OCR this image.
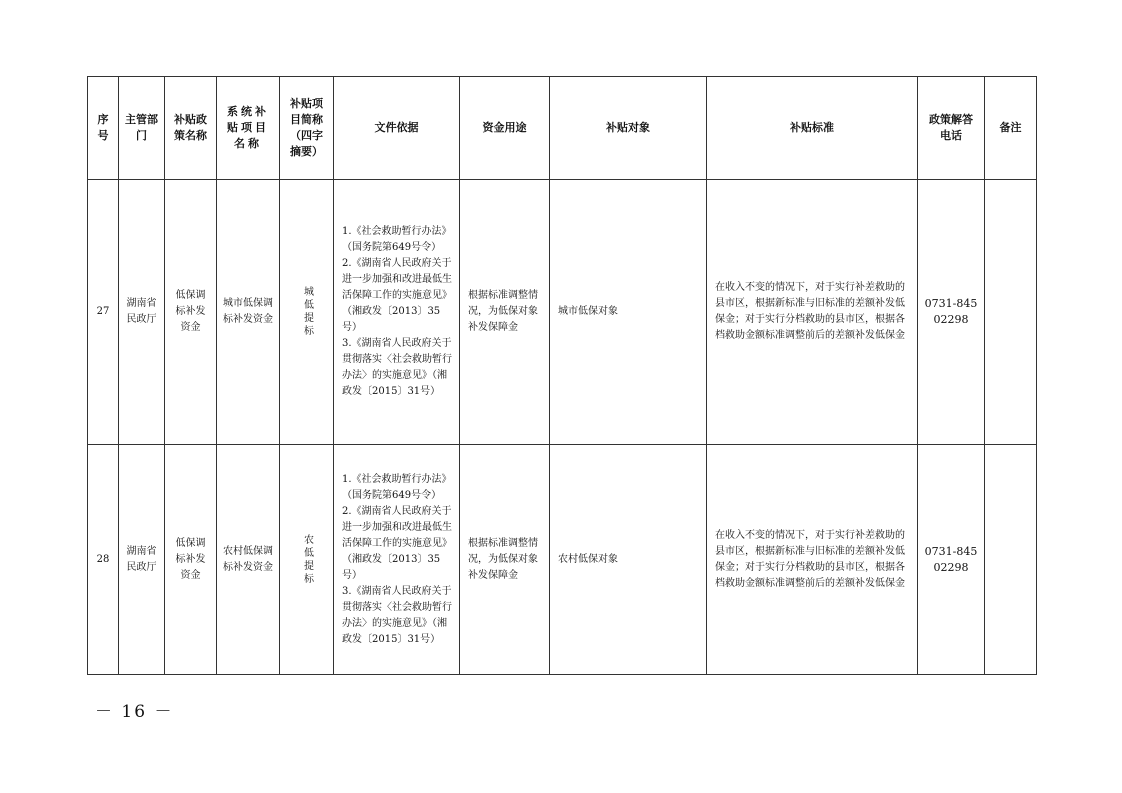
序号	主管部门	补贴政策名称	系统补贴项目名称	补贴项目简称（四字摘要）	文件依据	资金用途	补贴对象	补贴标准	政策解答电话	备注
27	湖南省民政厅	低保调标补发资金	城市低保调标补发资金	城低提标	1.《社会救助暂行办法》（国务院第649号令）
2.《湖南省人民政府关于进一步加强和改进最低生活保障工作的实施意见》（湘政发〔2013〕35号）
3.《湖南省人民政府关于贯彻落实〈社会救助暂行办法〉的实施意见》（湘政发〔2015〕31号）	根据标准调整情况，为低保对象补发保障金	城市低保对象	在收入不变的情况下，对于实行补差救助的县市区，根据新标准与旧标准的差额补发低保金；对于实行分档救助的县市区，根据各档救助金额标准调整前后的差额补发低保金	0731-84502298	
28	湖南省民政厅	低保调标补发资金	农村低保调标补发资金	农低提标	1.《社会救助暂行办法》（国务院第649号令）
2.《湖南省人民政府关于进一步加强和改进最低生活保障工作的实施意见》（湘政发〔2013〕35号）
3.《湖南省人民政府关于贯彻落实〈社会救助暂行办法〉的实施意见》（湘政发〔2015〕31号）	根据标准调整情况，为低保对象补发保障金	农村低保对象	在收入不变的情况下，对于实行补差救助的县市区，根据新标准与旧标准的差额补发低保金；对于实行分档救助的县市区，根据各档救助金额标准调整前后的差额补发低保金	0731-84502298	
－ 16 －
